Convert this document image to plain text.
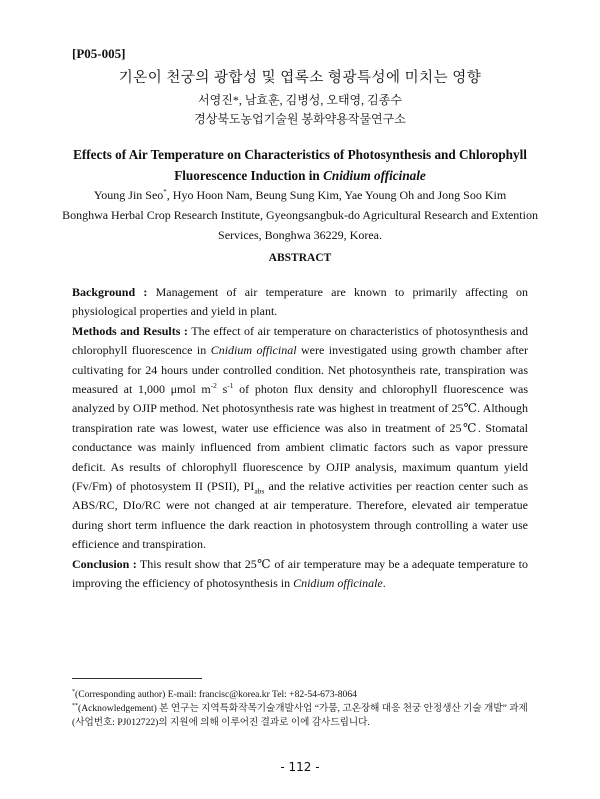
[P05-005]
기온이 천궁의 광합성 및 엽록소 형광특성에 미치는 영향
서영진*, 남효훈, 김병성, 오태영, 김종수
경상북도농업기술원 봉화약용작물연구소
Effects of Air Temperature on Characteristics of Photosynthesis and Chlorophyll
Fluorescence Induction in Cnidium officinale
Young Jin Seo*, Hyo Hoon Nam, Beung Sung Kim, Yae Young Oh and Jong Soo Kim
Bonghwa Herbal Crop Research Institute, Gyeongsangbuk-do Agricultural Research and Extention Services, Bonghwa 36229, Korea.
ABSTRACT

Background : Management of air temperature are known to primarily affecting on physiological properties and yield in plant.

Methods and Results : The effect of air temperature on characteristics of photosynthesis and chlorophyll fluorescence in Cnidium officinal were investigated using growth chamber after cultivating for 24 hours under controlled condition. Net photosyntheis rate, transpiration was measured at 1,000 μmol $m^{-2}$ $s^{-1}$ of photon flux density and chlorophyll fluorescence was analyzed by OJIP method. Net photosynthesis rate was highest in treatment of 25℃. Although transpiration rate was lowest, water use efficience was also in treatment of 25℃. Stomatal conductance was mainly influenced from ambient climatic factors such as vapor pressure deficit. As results of chlorophyll fluorescence by OJIP analysis, maximum quantum yield (Fv/Fm) of photosystem II (PSII), $PI_{abs}$ and the relative activities per reaction center such as ABS/RC, DIo/RC were not changed at air temperature. Therefore, elevated air temperatue during short term influence the dark reaction in photosystem through controlling a water use efficience and transpiration.

Conclusion : This result show that 25℃ of air temperature may be a adequate temperature to improving the efficiency of photosynthesis in Cnidium officinale.

*(Corresponding author) E-mail: francisc@korea.kr Tel: +82-54-673-8064
**(Acknowledgement) 본 연구는 지역특화작목기술개발사업 “가뭄, 고온장해 대응 천궁 안정생산 기술 개발” 과제(사업번호: PJ012722)의 지원에 의해 이루어진 결과로 이에 감사드립니다.
- 112 -
